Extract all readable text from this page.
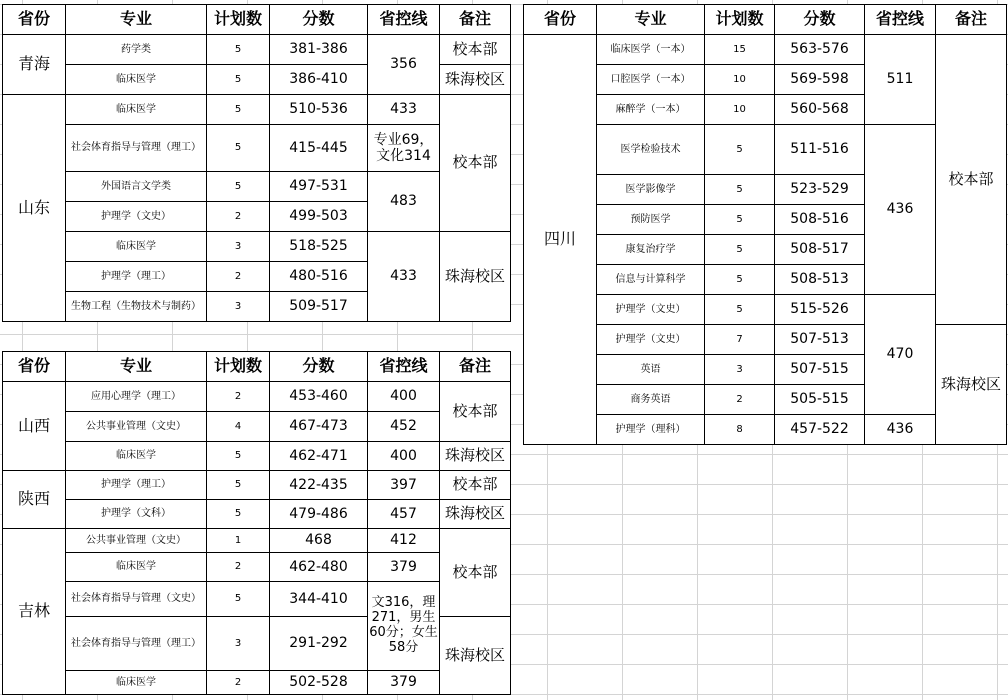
省份	专业	计划数	分数	省控线	备注
青海	药学类	5	381-386	356	校本部
	临床医学	5	386-410		珠海校区
山东	临床医学	5	510-536	433	校本部
	社会体育指导与管理（理工）	5	415-445	专业69，文化314	
	外国语言文学类	5	497-531	483	
	护理学（文史）	2	499-503		
	临床医学	3	518-525	433	珠海校区
	护理学（理工）	2	480-516		
	生物工程（生物技术与制药）	3	509-517		
省份	专业	计划数	分数	省控线	备注
山西	应用心理学（理工）	2	453-460	400	校本部
	公共事业管理（文史）	4	467-473	452	
	临床医学	5	462-471	400	珠海校区
陕西	护理学（理工）	5	422-435	397	校本部
	护理学（文科）	5	479-486	457	珠海校区
吉林	公共事业管理（文史）	1	468	412	校本部
	临床医学	2	462-480	379	
	社会体育指导与管理（文史）	5	344-410	文316，理271，男生60分；女生58分	
	社会体育指导与管理（理工）	3	291-292		珠海校区
	临床医学	2	502-528	379	
省份	专业	计划数	分数	省控线	备注
四川	临床医学（一本）	15	563-576	511	校本部
	口腔医学（一本）	10	569-598		
	麻醉学（一本）	10	560-568		
	医学检验技术	5	511-516	436	
	医学影像学	5	523-529		
	预防医学	5	508-516		
	康复治疗学	5	508-517		
	信息与计算科学	5	508-513		
	护理学（文史）	5	515-526	470	
	护理学（文史）	7	507-513		珠海校区
	英语	3	507-515		
	商务英语	2	505-515		
	护理学（理科）	8	457-522	436	
